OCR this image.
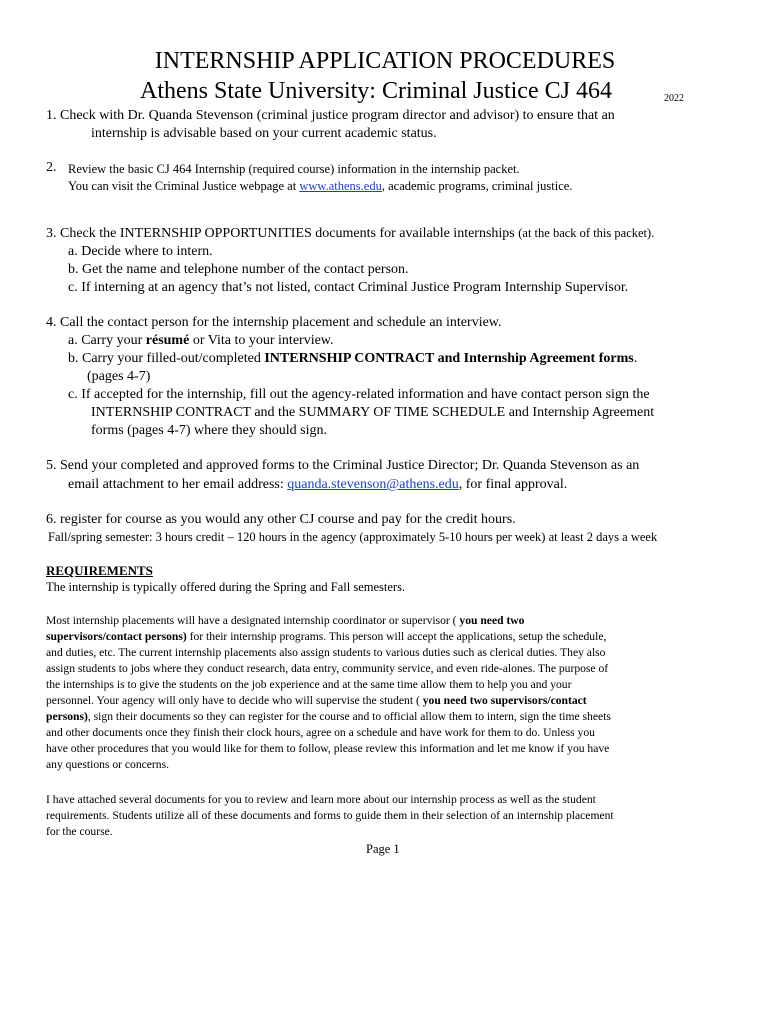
INTERNSHIP APPLICATION PROCEDURES
Athens State University: Criminal Justice CJ 464	2022
1. Check with Dr. Quanda Stevenson (criminal justice program director and advisor) to ensure that an
internship is advisable based on your current academic status.
2. Review the basic CJ 464 Internship (required course) information in the internship packet.
You can visit the Criminal Justice webpage at www.athens.edu, academic programs, criminal justice.
3. Check the INTERNSHIP OPPORTUNITIES documents for available internships (at the back of this packet).
a. Decide where to intern.
b. Get the name and telephone number of the contact person.
c. If interning at an agency that’s not listed, contact Criminal Justice Program Internship Supervisor.
4. Call the contact person for the internship placement and schedule an interview.
a. Carry your résumé or Vita to your interview.
b. Carry your filled-out/completed INTERNSHIP CONTRACT and Internship Agreement forms.
(pages 4-7)
c. If accepted for the internship, fill out the agency-related information and have contact person sign the
INTERNSHIP CONTRACT and the SUMMARY OF TIME SCHEDULE and Internship Agreement
forms (pages 4-7) where they should sign.
5. Send your completed and approved forms to the Criminal Justice Director; Dr. Quanda Stevenson as an
email attachment to her email address: quanda.stevenson@athens.edu, for final approval.
6. register for course as you would any other CJ course and pay for the credit hours.
Fall/spring semester: 3 hours credit – 120 hours in the agency (approximately 5-10 hours per week) at least 2 days a week
REQUIREMENTS
The internship is typically offered during the Spring and Fall semesters.
Most internship placements will have a designated internship coordinator or supervisor ( you need two
supervisors/contact persons) for their internship programs. This person will accept the applications, setup the schedule,
and duties, etc. The current internship placements also assign students to various duties such as clerical duties. They also
assign students to jobs where they conduct research, data entry, community service, and even ride-alones. The purpose of
the internships is to give the students on the job experience and at the same time allow them to help you and your
personnel. Your agency will only have to decide who will supervise the student ( you need two supervisors/contact
persons), sign their documents so they can register for the course and to official allow them to intern, sign the time sheets
and other documents once they finish their clock hours, agree on a schedule and have work for them to do. Unless you
have other procedures that you would like for them to follow, please review this information and let me know if you have
any questions or concerns.
I have attached several documents for you to review and learn more about our internship process as well as the student
requirements. Students utilize all of these documents and forms to guide them in their selection of an internship placement
for the course.
Page 1
